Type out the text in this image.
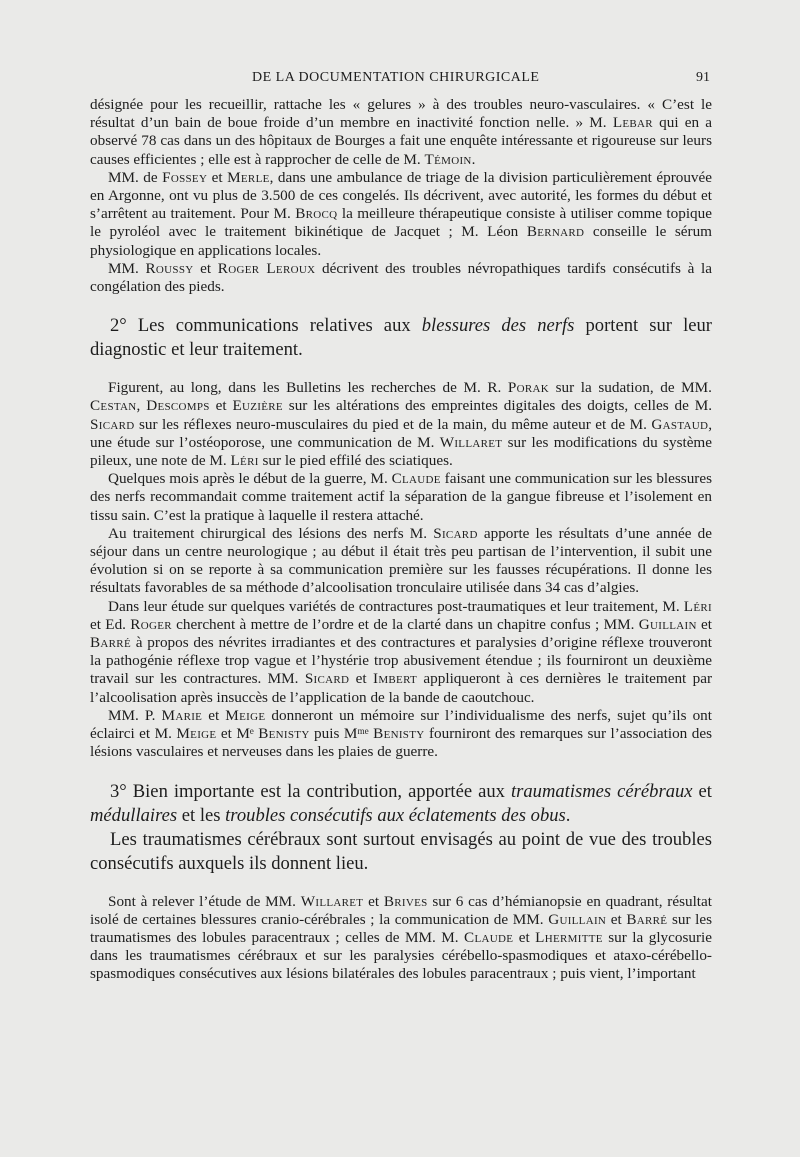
DE LA DOCUMENTATION CHIRURGICALE	91

désignée pour les recueillir, rattache les « gelures » à des troubles neuro-vasculaires. « C’est le résultat d’un bain de boue froide d’un membre en inactivité fonction nelle. » M. Lebar qui en a observé 78 cas dans un des hôpitaux de Bourges a fait une enquête intéressante et rigoureuse sur leurs causes efficientes ; elle est à rapprocher de celle de M. Témoin.

MM. de Fossey et Merle, dans une ambulance de triage de la division particulièrement éprouvée en Argonne, ont vu plus de 3.500 de ces congelés. Ils décrivent, avec autorité, les formes du début et s’arrêtent au traitement. Pour M. Brocq la meilleure thérapeutique consiste à utiliser comme topique le pyroléol avec le traitement bikinétique de Jacquet ; M. Léon Bernard conseille le sérum physiologique en applications locales.

MM. Roussy et Roger Leroux décrivent des troubles névropathiques tardifs consécutifs à la congélation des pieds.

2° Les communications relatives aux blessures des nerfs portent sur leur diagnostic et leur traitement.

Figurent, au long, dans les Bulletins les recherches de M. R. Porak sur la sudation, de MM. Cestan, Descomps et Euzière sur les altérations des empreintes digitales des doigts, celles de M. Sicard sur les réflexes neuro-musculaires du pied et de la main, du même auteur et de M. Gastaud, une étude sur l’ostéoporose, une communication de M. Willaret sur les modifications du système pileux, une note de M. Léri sur le pied effilé des sciatiques.

Quelques mois après le début de la guerre, M. Claude faisant une communication sur les blessures des nerfs recommandait comme traitement actif la séparation de la gangue fibreuse et l’isolement en tissu sain. C’est la pratique à laquelle il restera attaché.

Au traitement chirurgical des lésions des nerfs M. Sicard apporte les résultats d’une année de séjour dans un centre neurologique ; au début il était très peu partisan de l’intervention, il subit une évolution si on se reporte à sa communication première sur les fausses récupérations. Il donne les résultats favorables de sa méthode d’alcoolisation tronculaire utilisée dans 34 cas d’algies.

Dans leur étude sur quelques variétés de contractures post-traumatiques et leur traitement, M. Léri et Ed. Roger cherchent à mettre de l’ordre et de la clarté dans un chapitre confus ; MM. Guillain et Barré à propos des névrites irradiantes et des contractures et paralysies d’origine réflexe trouveront la pathogénie réflexe trop vague et l’hystérie trop abusivement étendue ; ils fourniront un deuxième travail sur les contractures. MM. Sicard et Imbert appliqueront à ces dernières le traitement par l’alcoolisation après insuccès de l’application de la bande de caoutchouc.

MM. P. Marie et Meige donneront un mémoire sur l’individualisme des nerfs, sujet qu’ils ont éclairci et M. Meige et Mᵉ Benisty puis Mᵐᵉ Benisty fourniront des remarques sur l’association des lésions vasculaires et nerveuses dans les plaies de guerre.

3° Bien importante est la contribution, apportée aux traumatismes cérébraux et médullaires et les troubles consécutifs aux éclatements des obus.

Les traumatismes cérébraux sont surtout envisagés au point de vue des troubles consécutifs auxquels ils donnent lieu.

Sont à relever l’étude de MM. Willaret et Brives sur 6 cas d’hémianopsie en quadrant, résultat isolé de certaines blessures cranio-cérébrales ; la communication de MM. Guillain et Barré sur les traumatismes des lobules paracentraux ; celles de MM. M. Claude et Lhermitte sur la glycosurie dans les traumatismes cérébraux et sur les paralysies cérébello-spasmodiques et ataxo-cérébello-spasmodiques consécutives aux lésions bilatérales des lobules paracentraux ; puis vient, l’important
